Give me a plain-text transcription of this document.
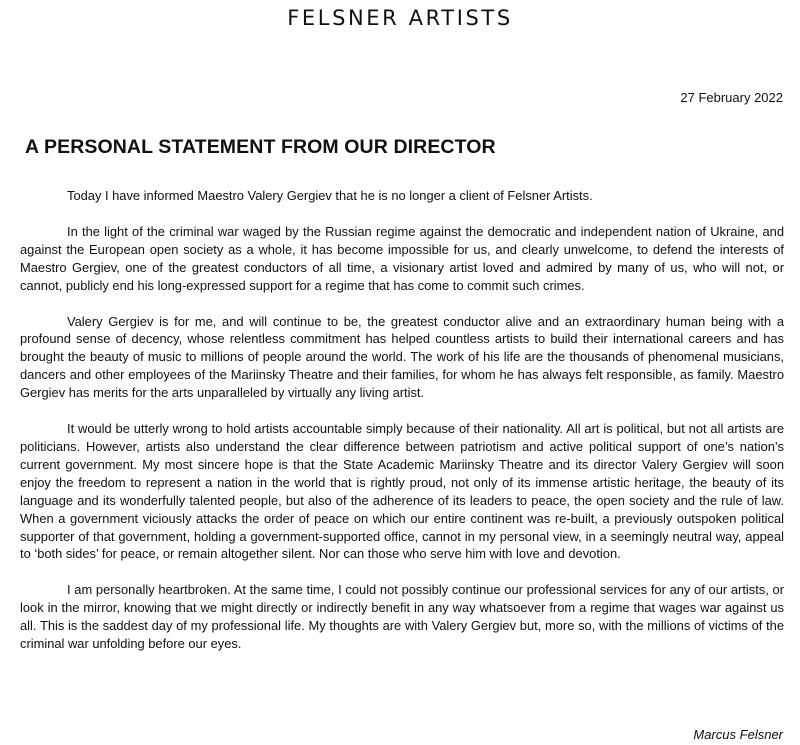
FELSNER ARTISTS
27 February 2022
A PERSONAL STATEMENT FROM OUR DIRECTOR

Today I have informed Maestro Valery Gergiev that he is no longer a client of Felsner Artists.

In the light of the criminal war waged by the Russian regime against the democratic and independent nation of Ukraine, and against the European open society as a whole, it has become impossible for us, and clearly unwelcome, to defend the interests of Maestro Gergiev, one of the greatest conductors of all time, a visionary artist loved and admired by many of us, who will not, or cannot, publicly end his long-expressed support for a regime that has come to commit such crimes.

Valery Gergiev is for me, and will continue to be, the greatest conductor alive and an extraordinary human being with a profound sense of decency, whose relentless commitment has helped countless artists to build their international careers and has brought the beauty of music to millions of people around the world. The work of his life are the thousands of phenomenal musicians, dancers and other employees of the Mariinsky Theatre and their families, for whom he has always felt responsible, as family. Maestro Gergiev has merits for the arts unparalleled by virtually any living artist.

It would be utterly wrong to hold artists accountable simply because of their nationality. All art is political, but not all artists are politicians. However, artists also understand the clear difference between patriotism and active political support of one’s nation’s current government. My most sincere hope is that the State Academic Mariinsky Theatre and its director Valery Gergiev will soon enjoy the freedom to represent a nation in the world that is rightly proud, not only of its immense artistic heritage, the beauty of its language and its wonderfully talented people, but also of the adherence of its leaders to peace, the open society and the rule of law. When a government viciously attacks the order of peace on which our entire continent was re-built, a previously outspoken political supporter of that government, holding a government-supported office, cannot in my personal view, in a seemingly neutral way, appeal to ‘both sides’ for peace, or remain altogether silent. Nor can those who serve him with love and devotion.

I am personally heartbroken. At the same time, I could not possibly continue our professional services for any of our artists, or look in the mirror, knowing that we might directly or indirectly benefit in any way whatsoever from a regime that wages war against us all. This is the saddest day of my professional life. My thoughts are with Valery Gergiev but, more so, with the millions of victims of the criminal war unfolding before our eyes.

Marcus Felsner
